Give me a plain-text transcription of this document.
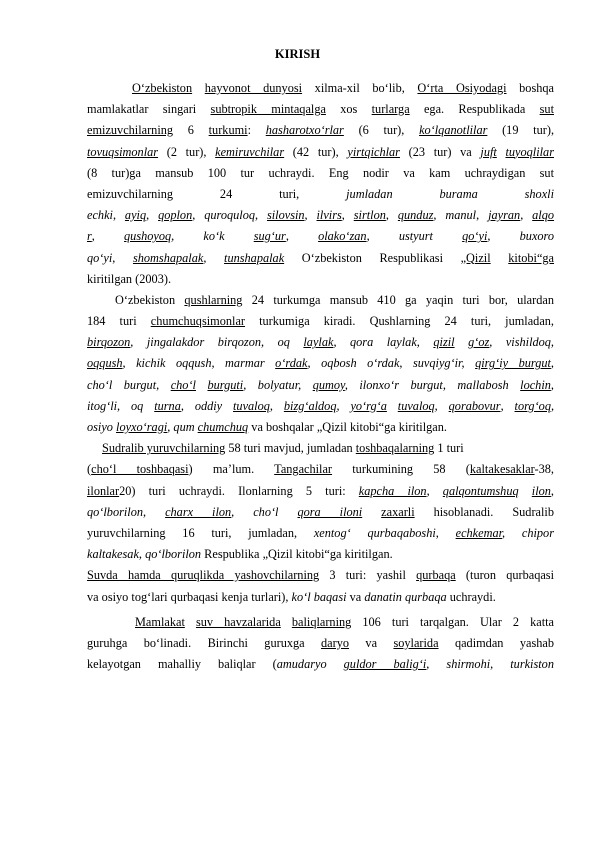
KIRISH
O‘zbekiston hayvonot dunyosi xilma-xil bo‘lib, O‘rta Osiyodagi boshqa
mamlakatlar singari subtropik mintaqalga xos turlarga ega. Respublikada sut
emizuvchilarning 6 turkumi: hasharotxo‘rlar (6 tur), ko‘lqanotlilar (19 tur),
tovuqsimonlar (2 tur), kemiruvchilar (42 tur), yirtqichlar (23 tur) va juft tuyoqlilar
(8 tur)ga mansub 100 tur uchraydi. Eng nodir va kam uchraydigan sut
emizuvchilarning 24 turi, jumladan burama shoxli
echki, ayiq, qoplon, quroquloq, silovsin, ilvirs, sirtlon, qunduz, manul, jayran, alqo
r, qushoyoq, ko‘k sug‘ur, olako‘zan, ustyurt qo‘yi, buxoro
qo‘yi, shomshapalak, tunshapalak O‘zbekiston Respublikasi „Qizil kitobi“ga
kiritilgan (2003).
O‘zbekiston qushlarning 24 turkumga mansub 410 ga yaqin turi bor, ulardan
184 turi chumchuqsimonlar turkumiga kiradi. Qushlarning 24 turi, jumladan,
birqozon, jingalakdor birqozon, oq laylak, qora laylak, qizil g‘oz, vishildoq,
oqqush, kichik oqqush, marmar o‘rdak, oqbosh o‘rdak, suvqiyg‘ir, qirg‘iy burgut,
cho‘l burgut, cho‘l burguti, bolyatur, qumoy, ilonxo‘r burgut, mallabosh lochin,
itog‘li, oq turna, oddiy tuvaloq, bizg‘aldoq, yo‘rg‘a tuvaloq, qorabovur, torg‘oq,
osiyo loyxo‘ragi, qum chumchuq va boshqalar „Qizil kitobi“ga kiritilgan.
Sudralib yuruvchilarning 58 turi mavjud, jumladan toshbaqalarning 1 turi
(cho‘l toshbaqasi) ma’lum. Tangachilar turkumining 58 (kaltakesaklar-38,
ilonlar20) turi uchraydi. Ilonlarning 5 turi: kapcha ilon, qalqontumshuq ilon,
qo‘lborilon, charx ilon, cho‘l qora iloni zaxarli hisoblanadi. Sudralib
yuruvchilarning 16 turi, jumladan, xentog‘ qurbaqaboshi, echkemar, chipor
kaltakesak, qo‘lborilon Respublika „Qizil kitobi“ga kiritilgan.
Suvda hamda quruqlikda yashovchilarning 3 turi: yashil qurbaqa (turon qurbaqasi
va osiyo tog‘lari qurbaqasi kenja turlari), ko‘l baqasi va danatin qurbaqa uchraydi.
Mamlakat suv havzalarida baliqlarning 106 turi tarqalgan. Ular 2 katta
guruhga bo‘linadi. Birinchi guruxga daryo va soylarida qadimdan yashab
kelayotgan mahalliy baliqlar (amudaryo guldor balig‘i, shirmohi, turkiston
